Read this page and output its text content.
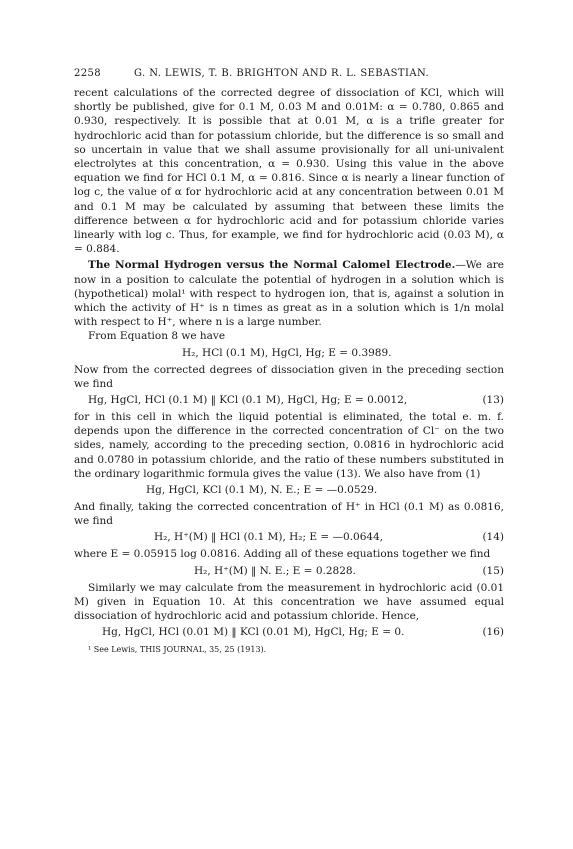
2258	G. N. LEWIS, T. B. BRIGHTON AND R. L. SEBASTIAN.

recent calculations of the corrected degree of dissociation of KCl, which will shortly be published, give for 0.1 M, 0.03 M and 0.01M: α = 0.780, 0.865 and 0.930, respectively. It is possible that at 0.01 M, α is a trifle greater for hydrochloric acid than for potassium chloride, but the difference is so small and so uncertain in value that we shall assume provisionally for all uni-univalent electrolytes at this concentration, α = 0.930. Using this value in the above equation we find for HCl 0.1 M, α = 0.816. Since α is nearly a linear function of log c, the value of α for hydrochloric acid at any concentration between 0.01 M and 0.1 M may be calculated by assuming that between these limits the difference between α for hydrochloric acid and for potassium chloride varies linearly with log c. Thus, for example, we find for hydrochloric acid (0.03 M), α = 0.884.

The Normal Hydrogen versus the Normal Calomel Electrode.—We are now in a position to calculate the potential of hydrogen in a solution which is (hypothetical) molal¹ with respect to hydrogen ion, that is, against a solution in which the activity of H⁺ is n times as great as in a solution which is 1/n molal with respect to H⁺, where n is a large number.

From Equation 8 we have

H₂, HCl (0.1 M), HgCl, Hg; E = 0.3989.

Now from the corrected degrees of dissociation given in the preceding section we find

Hg, HgCl, HCl (0.1 M) ‖ KCl (0.1 M), HgCl, Hg; E = 0.0012,	(13)

for in this cell in which the liquid potential is eliminated, the total e. m. f. depends upon the difference in the corrected concentration of Cl⁻ on the two sides, namely, according to the preceding section, 0.0816 in hydrochloric acid and 0.0780 in potassium chloride, and the ratio of these numbers substituted in the ordinary logarithmic formula gives the value (13). We also have from (1)

Hg, HgCl, KCl (0.1 M), N. E.; E = —0.0529.

And finally, taking the corrected concentration of H⁺ in HCl (0.1 M) as 0.0816, we find

H₂, H⁺(M) ‖ HCl (0.1 M), H₂; E = —0.0644,	(14)

where E = 0.05915 log 0.0816. Adding all of these equations together we find

H₂, H⁺(M) ‖ N. E.; E = 0.2828.	(15)

Similarly we may calculate from the measurement in hydrochloric acid (0.01 M) given in Equation 10. At this concentration we have assumed equal dissociation of hydrochloric acid and potassium chloride. Hence,

Hg, HgCl, HCl (0.01 M) ‖ KCl (0.01 M), HgCl, Hg; E = 0.	(16)
¹ See Lewis, THIS JOURNAL, 35, 25 (1913).
